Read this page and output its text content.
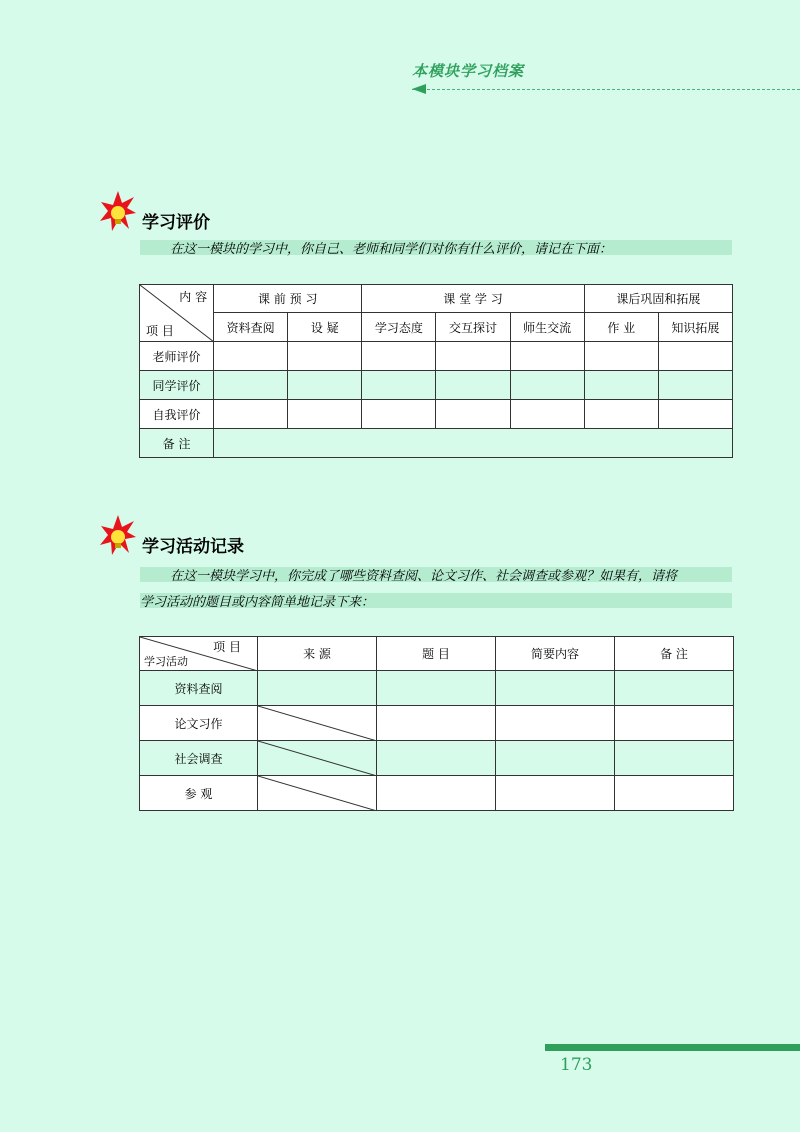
本模块学习档案
学习评价
在这一模块的学习中，你自己、老师和同学们对你有什么评价，请记在下面：
内 容
项 目	课 前 预 习		课 堂 学 习			课后巩固和拓展	
	资料查阅	设 疑	学习态度	交互探讨	师生交流	作 业	知识拓展
老师评价							
同学评价							
自我评价							
备 注							
学习活动记录
在这一模块学习中，你完成了哪些资料查阅、论文习作、社会调查或参观？如果有，请将
学习活动的题目或内容简单地记录下来：
项 目
学习活动	来 源	题 目	简要内容	备 注
资料查阅				
论文习作	

社会调查	

参 观	

173
